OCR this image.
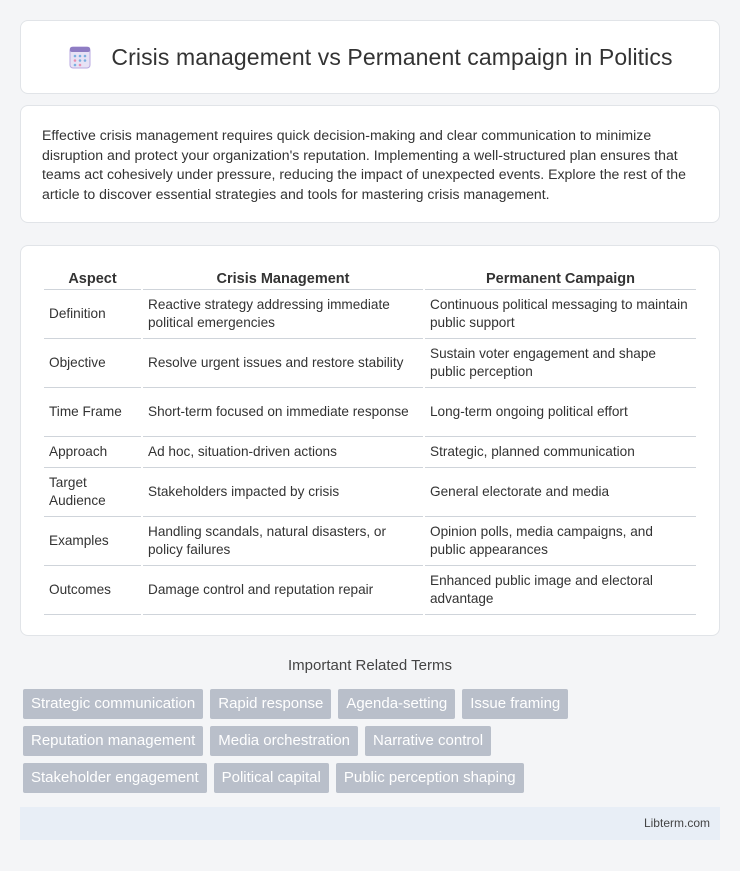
Crisis management vs Permanent campaign in Politics

Effective crisis management requires quick decision-making and clear communication to minimize disruption and protect your organization's reputation. Implementing a well-structured plan ensures that teams act cohesively under pressure, reducing the impact of unexpected events. Explore the rest of the article to discover essential strategies and tools for mastering crisis management.

Aspect	Crisis Management	Permanent Campaign
Definition	Reactive strategy addressing immediate political emergencies	Continuous political messaging to maintain public support
Objective	Resolve urgent issues and restore stability	Sustain voter engagement and shape public perception
Time Frame	Short-term focused on immediate response	Long-term ongoing political effort
Approach	Ad hoc, situation-driven actions	Strategic, planned communication
Target Audience	Stakeholders impacted by crisis	General electorate and media
Examples	Handling scandals, natural disasters, or policy failures	Opinion polls, media campaigns, and public appearances
Outcomes	Damage control and reputation repair	Enhanced public image and electoral advantage
Important Related Terms
Strategic communication	Rapid response	Agenda-setting	Issue framing
Reputation management	Media orchestration	Narrative control
Stakeholder engagement	Political capital	Public perception shaping
Libterm.com
